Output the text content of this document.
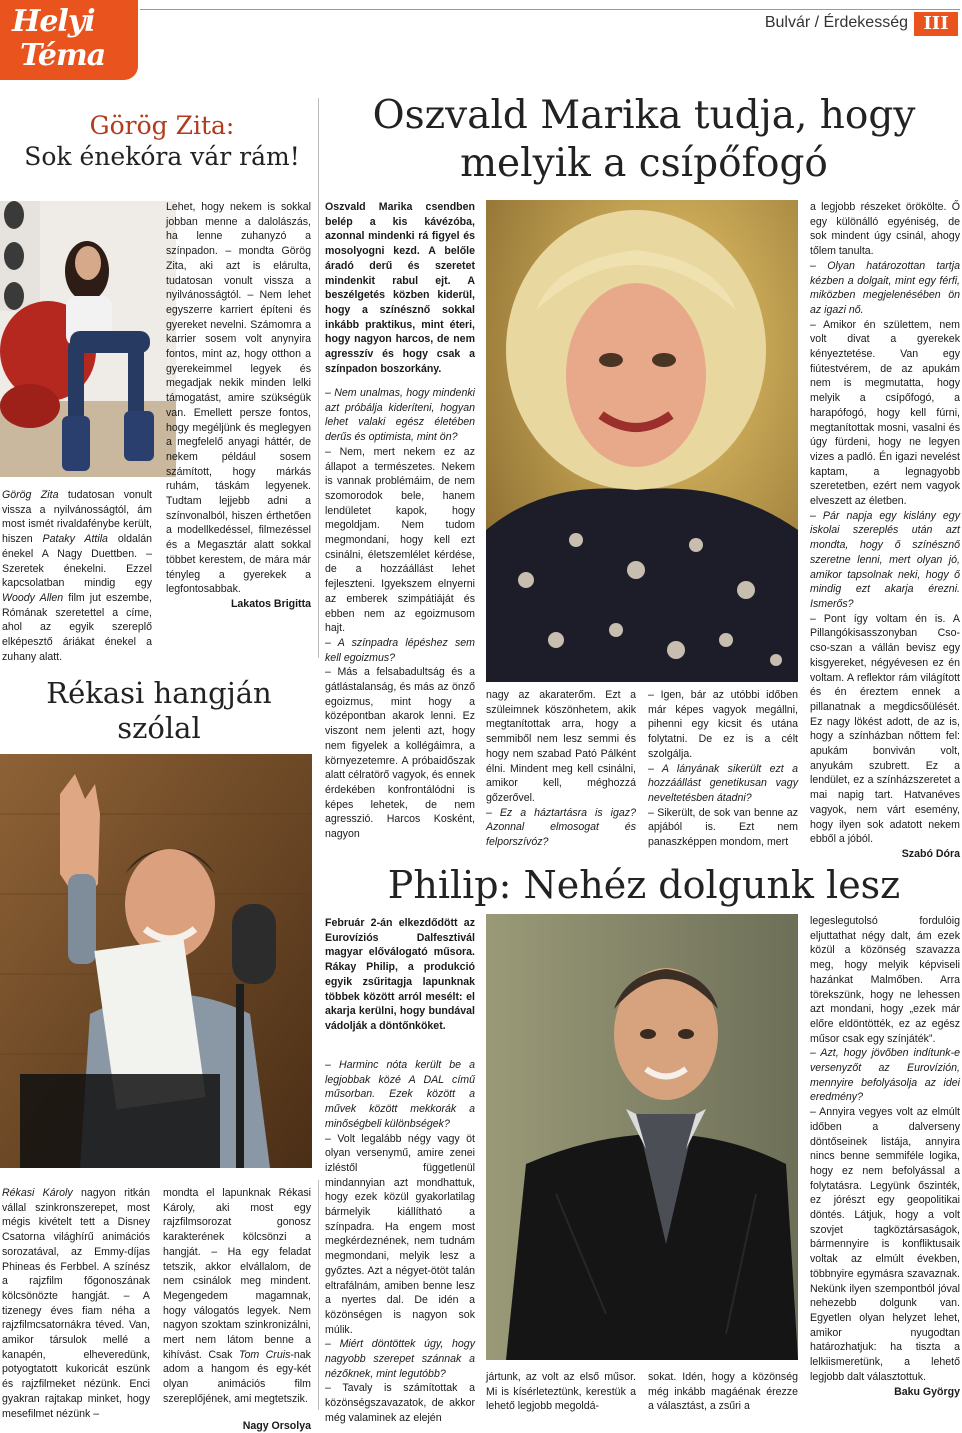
Helyi
Téma
Bulvár / Érdekesség III
Görög Zita:
Sok énekóra vár rám!

Görög Zita tudatosan vonult vissza a nyilvánosságtól, ám most ismét rivaldafénybe került, hiszen Pataky Attila oldalán énekel A Nagy Duettben. – Szeretek énekelni. Ezzel kapcsolatban mindig egy Woody Allen film jut eszembe, Rómának szeretettel a címe, ahol az egyik szereplő elképesztő áriákat énekel a zuhany alatt.

Lehet, hogy nekem is sokkal jobban menne a dalolászás, ha lenne zuhanyzó a színpadon. – mondta Görög Zita, aki azt is elárulta, tudatosan vonult vissza a nyilvánosságtól. – Nem lehet egyszerre karriert építeni és gyereket nevelni. Számomra a karrier sosem volt anynyira fontos, mint az, hogy otthon a gyerekeimmel legyek és megadjak nekik minden lelki támogatást, amire szükségük van. Emellett persze fontos, hogy megéljünk és meglegyen a megfelelő anyagi háttér, de nekem például sosem számított, hogy márkás ruhám, táskám legyenek. Tudtam lejjebb adni a színvonalból, hiszen érthetően a modellkedéssel, filmezéssel és a Megasztár alatt sokkal többet kerestem, de mára már tényleg a gyerekek a legfontosabbak.

Lakatos Brigitta

Oszvald Marika tudja, hogy
melyik a csípőfogó

Oszvald Marika csendben belép a kis kávézóba, azonnal mindenki rá figyel és mosolyogni kezd. A belőle áradó derű és szeretet mindenkit rabul ejt. A beszélgetés közben kiderül, hogy a színésznő sokkal inkább praktikus, mint éteri, hogy nagyon harcos, de nem agresszív és hogy csak a színpadon boszorkány.

– Nem unalmas, hogy mindenki azt próbálja kideríteni, hogyan lehet valaki egész életében derűs és optimista, mint ön?

– Nem, mert nekem ez az állapot a természetes. Nekem is vannak problémáim, de nem szomorodok bele, hanem lendületet kapok, hogy megoldjam. Nem tudom megmondani, hogy kell ezt csinálni, életszemlélet kérdése, de a hozzáállást lehet fejleszteni. Igyekszem elnyerni az emberek szimpátiáját és ebben nem az egoizmusom hajt.

– A színpadra lépéshez sem kell egoizmus?

– Más a felsabadultság és a gátlástalanság, és más az önző egoizmus, mint hogy a középontban akarok lenni. Ez viszont nem jelenti azt, hogy nem figyelek a kollégáimra, a környezetemre. A próbaidőszak alatt célratörő vagyok, és ennek érdekében konfrontálódni is képes lehetek, de nem agresszió. Harcos Kosként, nagyon

nagy az akaraterőm. Ezt a szüleimnek köszönhetem, akik megtanítottak arra, hogy a semmiből nem lesz semmi és hogy nem szabad Pató Pálként élni. Mindent meg kell csinálni, amikor kell, méghozzá gőzerővel.

– Ez a háztartásra is igaz? Azonnal elmosogat és felporszívóz?

– Igen, bár az utóbbi időben már képes vagyok megállni, pihenni egy kicsit és utána folytatni. De ez is a célt szolgálja.

– A lányának sikerült ezt a hozzáállást genetikusan vagy neveltetésben átadni?

– Sikerült, de sok van benne az apjából is. Ezt nem panaszképpen mondom, mert

a legjobb részeket örökölte. Ő egy különálló egyéniség, de sok mindent úgy csinál, ahogy tőlem tanulta.

– Olyan határozottan tartja kézben a dolgait, mint egy férfi, miközben megjelenésében ön az igazi nő.

– Amikor én születtem, nem volt divat a gyerekek kényeztetése. Van egy fiútestvérem, de az apukám nem is megmutatta, hogy melyik a csípőfogó, a harapófogó, hogy kell fúrni, megtanítottak mosni, vasalni és úgy fürdeni, hogy ne legyen vizes a padló. Én igazi nevelést kaptam, a legnagyobb szeretetben, ezért nem vagyok elveszett az életben.

– Pár napja egy kislány egy iskolai szereplés után azt mondta, hogy ő színésznő szeretne lenni, mert olyan jó, amikor tapsolnak neki, hogy ő mindig ezt akarja érezni. Ismerős?

– Pont így voltam én is. A Pillangókisasszonyban Cso-cso-szan a vállán bevisz egy kisgyereket, négyévesen ez én voltam. A reflektor rám világított és én éreztem ennek a pillanatnak a megdicsőülését. Ez nagy lökést adott, de az is, hogy a színházban nőttem fel: apukám bonviván volt, anyukám szubrett. Ez a lendület, ez a színházszeretet a mai napig tart. Hatvanéves vagyok, nem várt esemény, hogy ilyen sok adatott nekem ebből a jóból.

Szabó Dóra

Rékasi hangján szólal

Rékasi Károly nagyon ritkán vállal szinkronszerepet, most mégis kivételt tett a Disney Csatorna világhírű animációs sorozatával, az Emmy-díjas Phineas és Ferbbel. A színész a rajzfilm főgonoszának kölcsönözte hangját. – A tizenegy éves fiam néha a rajzfilmcsatornákra téved. Van, amikor társulok mellé a kanapén, elheveredünk, potyogtatott kukoricát eszünk és rajzfilmeket nézünk. Enci gyakran rajtakap minket, hogy mesefilmet nézünk –

mondta el lapunknak Rékasi Károly, aki most egy rajzfilmsorozat gonosz karakterének kölcsönzi a hangját. – Ha egy feladat tetszik, akkor elvállalom, de nem csinálok meg mindent. Megengedem magamnak, hogy válogatós legyek. Nem nagyon szoktam szinkronizálni, mert nem látom benne a kihívást. Csak Tom Cruis-nak adom a hangom és egy-két olyan animációs film szereplőjének, ami megtetszik.

Nagy Orsolya

Philip: Nehéz dolgunk lesz

Február 2-án elkezdődött az Eurovíziós Dalfesztivál magyar előválogató műsora. Rákay Philip, a produkció egyik zsűritagja lapunknak többek között arról mesélt: el akarja kerülni, hogy bundával vádolják a döntőnköket.

– Harminc nóta került be a legjobbak közé A DAL című műsorban. Ezek között a művek között mekkorák a minőségbeli különbségek?

– Volt legalább négy vagy öt olyan versenymű, amire zenei izléstől függetlenül mindannyian azt mondhattuk, hogy ezek közül gyakorlatilag bármelyik kiállítható a színpadra. Ha engem most megkérdeznének, nem tudnám megmondani, melyik lesz a győztes. Azt a négyet-ötöt talán eltrafálnám, amiben benne lesz a nyertes dal. De idén a közönségen is nagyon sok múlik.

– Miért döntöttek úgy, hogy nagyobb szerepet szánnak a nézőknek, mint legutóbb?

– Tavaly is számítottak a közönségszavazatok, de akkor még valaminek az elején

jártunk, az volt az első műsor. Mi is kísérleteztünk, kerestük a lehető legjobb megoldá-

sokat. Idén, hogy a közönség még inkább magáénak érezze a választást, a zsűri a

legeslegutolsó fordulóig eljuttathat négy dalt, ám ezek közül a közönség szavazza meg, hogy melyik képviseli hazánkat Malmőben. Arra törekszünk, hogy ne lehessen azt mondani, hogy „ezek már előre eldöntötték, ez az egész műsor csak egy színjáték”.

– Azt, hogy jövőben indítunk-e versenyzőt az Eurovízión, mennyire befolyásolja az idei eredmény?

– Annyira vegyes volt az elmúlt időben a dalverseny döntőseinek listája, annyira nincs benne semmiféle logika, hogy ez nem befolyással a folytatásra. Legyünk őszinték, ez jórészt egy geopolitikai döntés. Látjuk, hogy a volt szovjet tagköztársaságok, bármennyire is konfliktusaik voltak az elmúlt években, többnyire egymásra szavaznak. Nekünk ilyen szempontból jóval nehezebb dolgunk van. Egyetlen olyan helyzet lehet, amikor nyugodtan határozhatjuk: ha tiszta a lelkiismeretünk, a lehető legjobb dalt választottuk.

Baku György
